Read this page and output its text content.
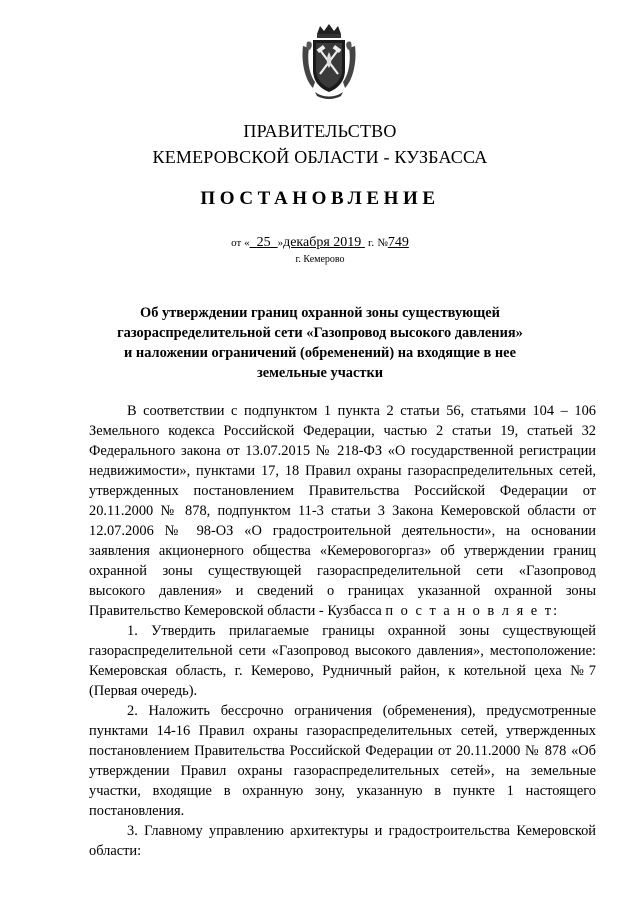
ПРАВИТЕЛЬСТВО
КЕМЕРОВСКОЙ ОБЛАСТИ - КУЗБАССА
ПОСТАНОВЛЕНИЕ
от « 25 »декабря 2019 г. №749
г. Кемерово
Об утверждении границ охранной зоны существующей
газораспределительной сети «Газопровод высокого давления»
и наложении ограничений (обременений) на входящие в нее
земельные участки

В соответствии с подпунктом 1 пункта 2 статьи 56, статьями 104 – 106 Земельного кодекса Российской Федерации, частью 2 статьи 19, статьей 32 Федерального закона от 13.07.2015 № 218-ФЗ «О государственной регистрации недвижимости», пунктами 17, 18 Правил охраны газораспределительных сетей, утвержденных постановлением Правительства Российской Федерации от 20.11.2000 № 878, подпунктом 11-3 статьи 3 Закона Кемеровской области от 12.07.2006 № 98-ОЗ «О градостроительной деятельности», на основании заявления акционерного общества «Кемеровогоргаз» об утверждении границ охранной зоны существующей газораспределительной сети «Газопровод высокого давления» и сведений о границах указанной охранной зоны Правительство Кемеровской области - Кузбасса п о с т а н о в л я е т:

1. Утвердить прилагаемые границы охранной зоны существующей газораспределительной сети «Газопровод высокого давления», местоположение: Кемеровская область, г. Кемерово, Рудничный район, к котельной цеха №7 (Первая очередь).

2. Наложить бессрочно ограничения (обременения), предусмотренные пунктами 14-16 Правил охраны газораспределительных сетей, утвержденных постановлением Правительства Российской Федерации от 20.11.2000 № 878 «Об утверждении Правил охраны газораспределительных сетей», на земельные участки, входящие в охранную зону, указанную в пункте 1 настоящего постановления.

3. Главному управлению архитектуры и градостроительства Кемеровской области:
